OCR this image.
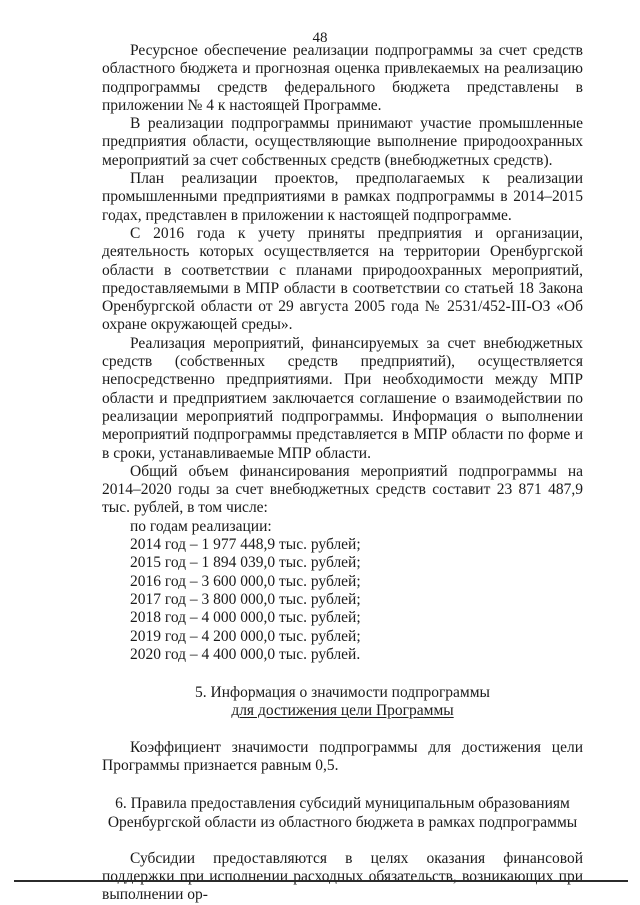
48

Ресурсное обеспечение реализации подпрограммы за счет средств областного бюджета и прогнозная оценка привлекаемых на реализацию подпрограммы средств федерального бюджета представлены в приложении № 4 к настоящей Программе.

В реализации подпрограммы принимают участие промышленные предприятия области, осуществляющие выполнение природоохранных мероприятий за счет собственных средств (внебюджетных средств).

План реализации проектов, предполагаемых к реализации промышленными предприятиями в рамках подпрограммы в 2014–2015 годах, представлен в приложении к настоящей подпрограмме.

С 2016 года к учету приняты предприятия и организации, деятельность которых осуществляется на территории Оренбургской области в соответствии с планами природоохранных мероприятий, предоставляемыми в МПР области в соответствии со статьей 18 Закона Оренбургской области от 29 августа 2005 года № 2531/452-III-ОЗ «Об охране окружающей среды».

Реализация мероприятий, финансируемых за счет внебюджетных средств (собственных средств предприятий), осуществляется непосредственно предприятиями. При необходимости между МПР области и предприятием заключается соглашение о взаимодействии по реализации мероприятий подпрограммы. Информация о выполнении мероприятий подпрограммы представляется в МПР области по форме и в сроки, устанавливаемые МПР области.

Общий объем финансирования мероприятий подпрограммы на 2014–2020 годы за счет внебюджетных средств составит 23 871 487,9 тыс. рублей, в том числе:

по годам реализации:
2014 год – 1 977 448,9 тыс. рублей;
2015 год – 1 894 039,0 тыс. рублей;
2016 год – 3 600 000,0 тыс. рублей;
2017 год – 3 800 000,0 тыс. рублей;
2018 год – 4 000 000,0 тыс. рублей;
2019 год – 4 200 000,0 тыс. рублей;
2020 год – 4 400 000,0 тыс. рублей.
5. Информация о значимости подпрограммы
для достижения цели Программы

Коэффициент значимости подпрограммы для достижения цели Программы признается равным 0,5.

6. Правила предоставления субсидий муниципальным образованиям
Оренбургской области из областного бюджета в рамках подпрограммы

Субсидии предоставляются в целях оказания финансовой поддержки при исполнении расходных обязательств, возникающих при выполнении ор-
